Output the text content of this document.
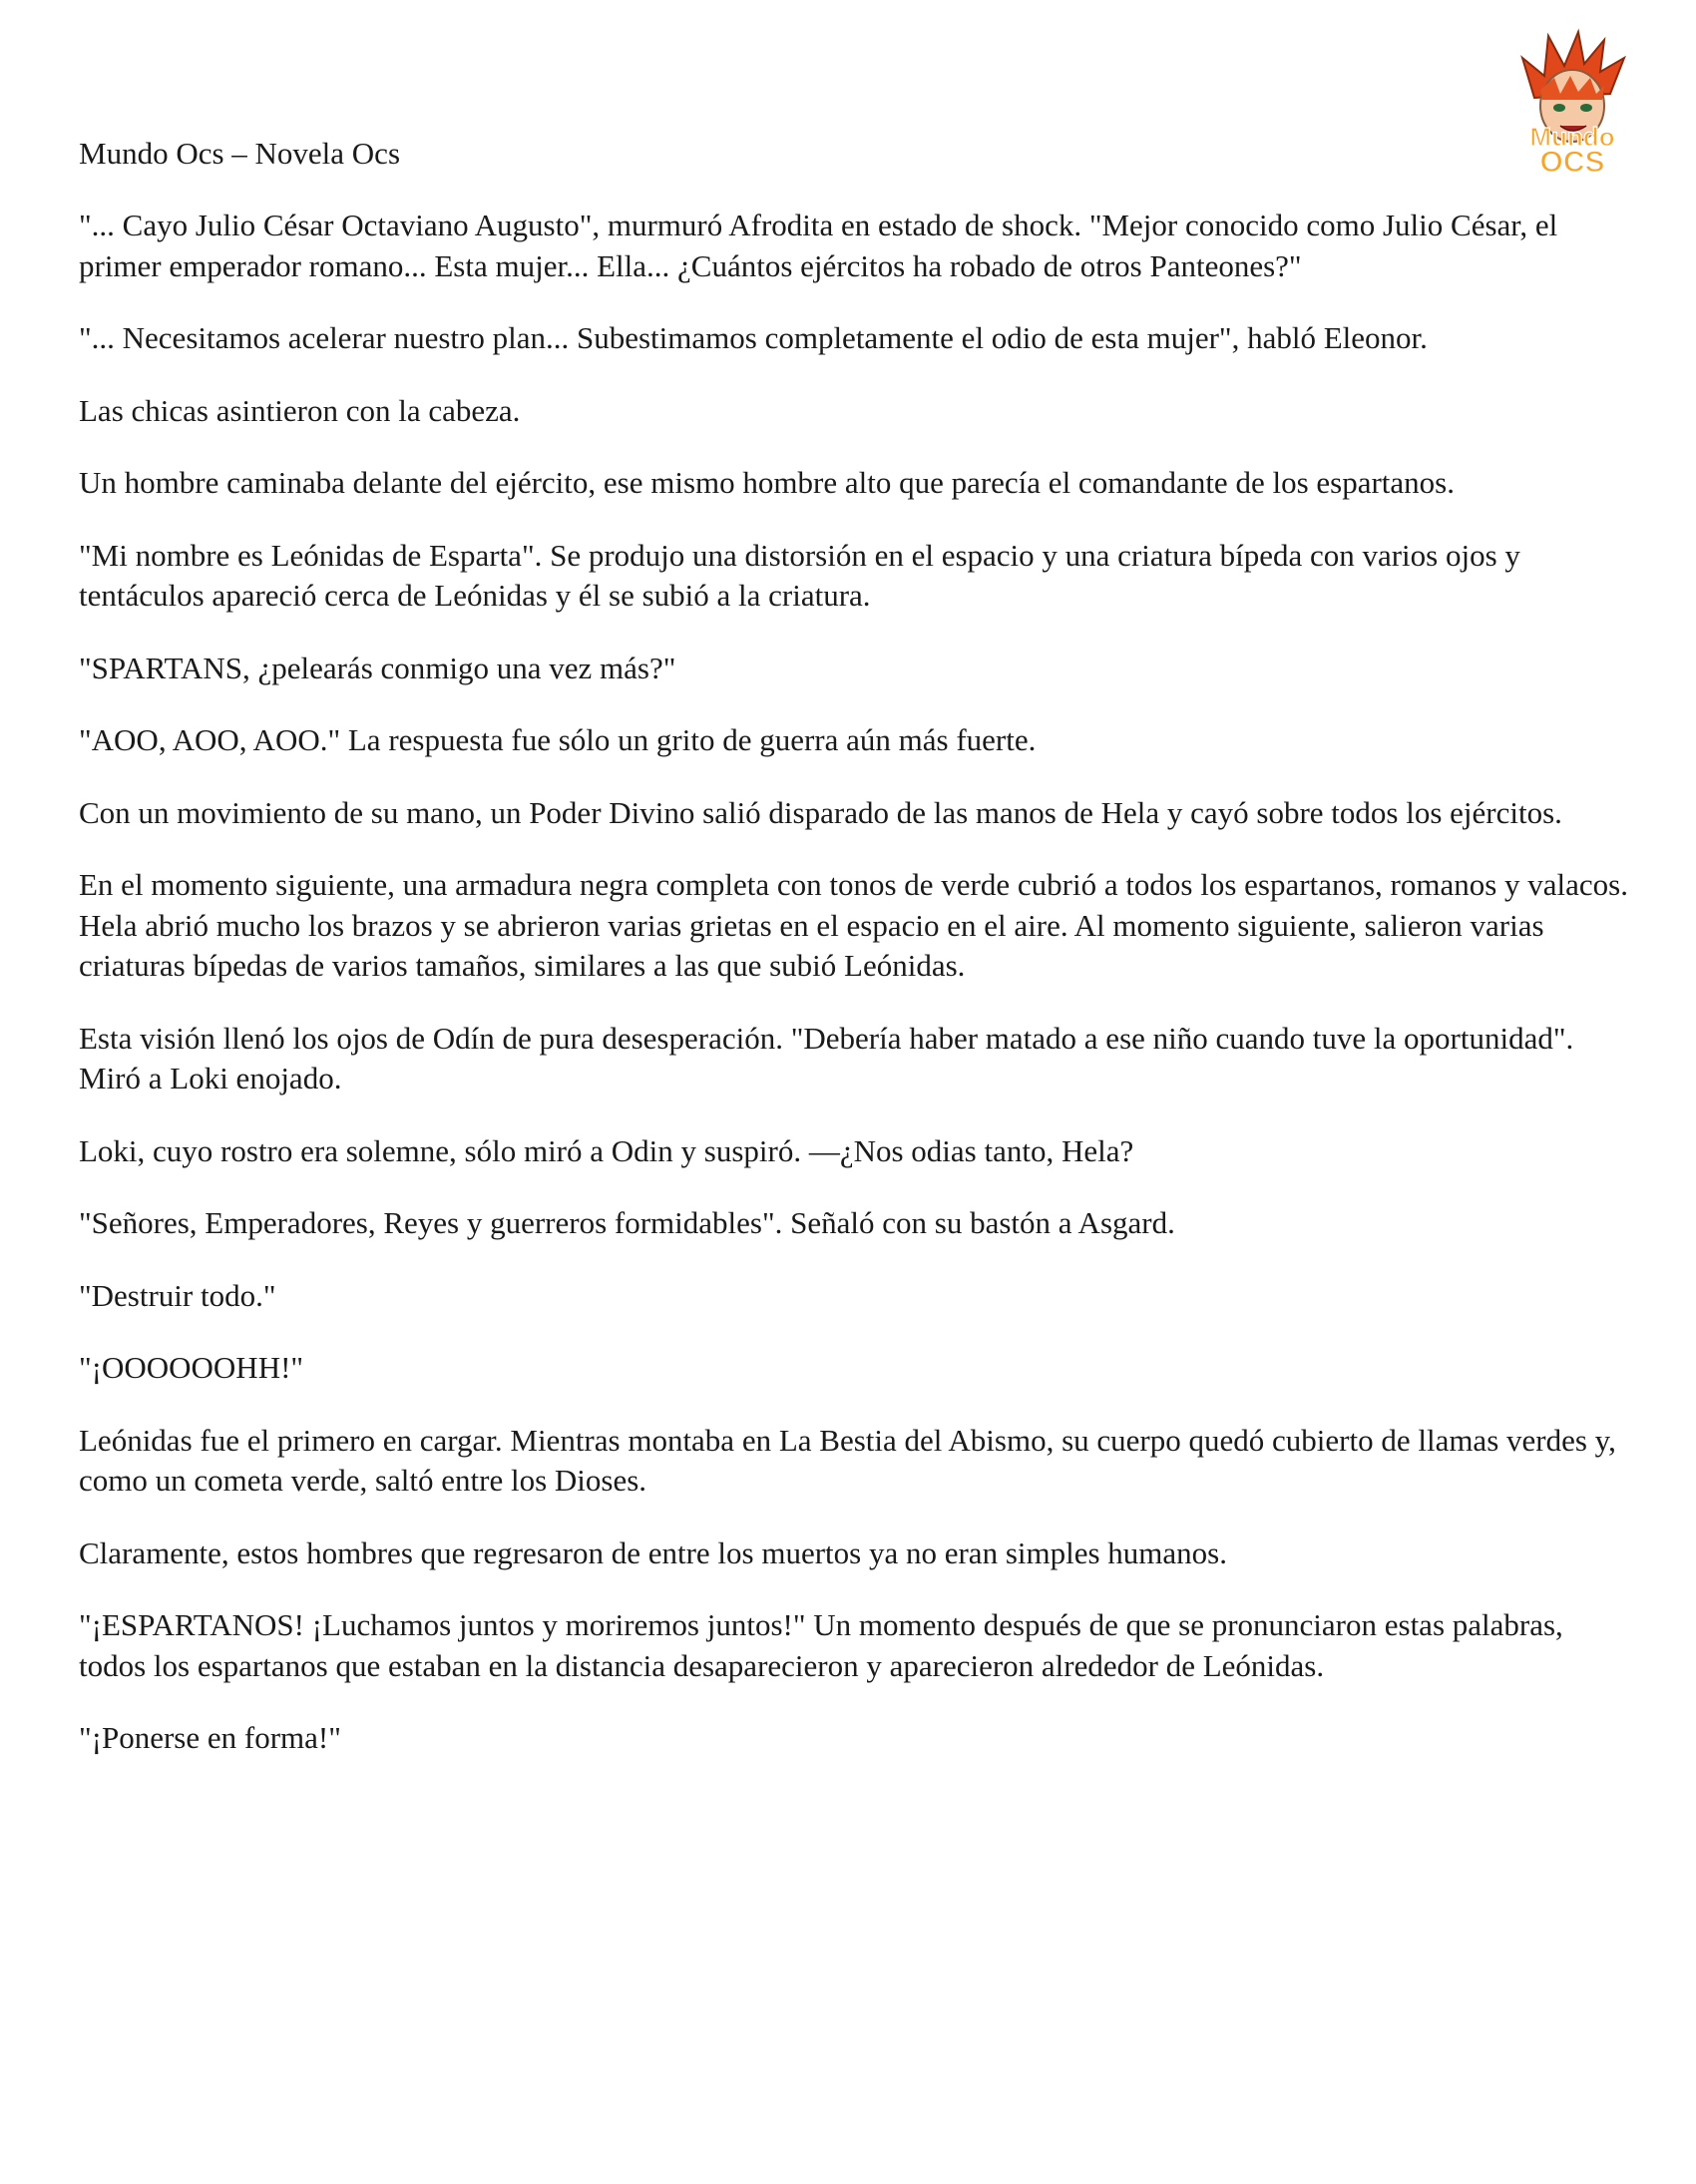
Mundo
OCS

Mundo Ocs – Novela Ocs

"... Cayo Julio César Octaviano Augusto", murmuró Afrodita en estado de shock. "Mejor conocido como Julio César, el primer emperador romano... Esta mujer... Ella... ¿Cuántos ejércitos ha robado de otros Panteones?"

"... Necesitamos acelerar nuestro plan... Subestimamos completamente el odio de esta mujer", habló Eleonor.

Las chicas asintieron con la cabeza.

Un hombre caminaba delante del ejército, ese mismo hombre alto que parecía el comandante de los espartanos.

"Mi nombre es Leónidas de Esparta". Se produjo una distorsión en el espacio y una criatura bípeda con varios ojos y tentáculos apareció cerca de Leónidas y él se subió a la criatura.

"SPARTANS, ¿pelearás conmigo una vez más?"

"AOO, AOO, AOO." La respuesta fue sólo un grito de guerra aún más fuerte.

Con un movimiento de su mano, un Poder Divino salió disparado de las manos de Hela y cayó sobre todos los ejércitos.

En el momento siguiente, una armadura negra completa con tonos de verde cubrió a todos los espartanos, romanos y valacos. Hela abrió mucho los brazos y se abrieron varias grietas en el espacio en el aire. Al momento siguiente, salieron varias criaturas bípedas de varios tamaños, similares a las que subió Leónidas.

Esta visión llenó los ojos de Odín de pura desesperación. "Debería haber matado a ese niño cuando tuve la oportunidad". Miró a Loki enojado.

Loki, cuyo rostro era solemne, sólo miró a Odin y suspiró. —¿Nos odias tanto, Hela?

"Señores, Emperadores, Reyes y guerreros formidables". Señaló con su bastón a Asgard.

"Destruir todo."

"¡OOOOOOHH!"

Leónidas fue el primero en cargar. Mientras montaba en La Bestia del Abismo, su cuerpo quedó cubierto de llamas verdes y, como un cometa verde, saltó entre los Dioses.

Claramente, estos hombres que regresaron de entre los muertos ya no eran simples humanos.

"¡ESPARTANOS! ¡Luchamos juntos y moriremos juntos!" Un momento después de que se pronunciaron estas palabras, todos los espartanos que estaban en la distancia desaparecieron y aparecieron alrededor de Leónidas.

"¡Ponerse en forma!"
